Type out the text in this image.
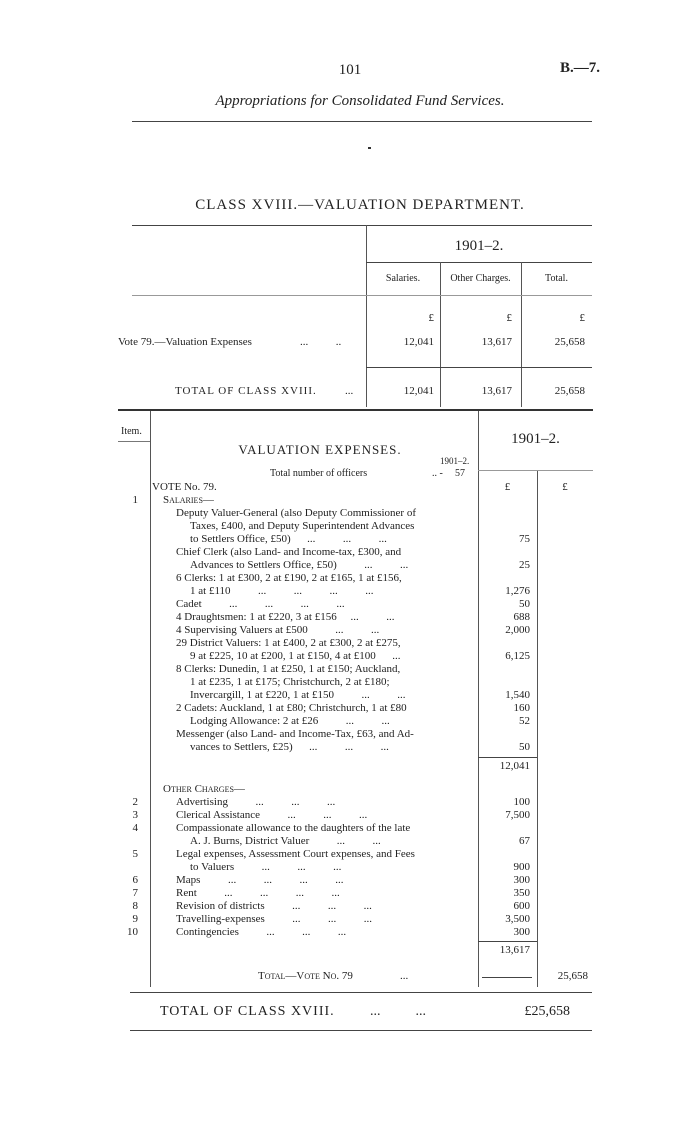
101	B.—7.
Appropriations for Consolidated Fund Services.
CLASS XVIII.—VALUATION DEPARTMENT.
1901–2.
Salaries.	Other Charges.	Total.
£	£	£
Vote 79.—Valuation Expenses	...          ..	12,041	13,617	25,658
TOTAL OF CLASS XVIII.	...	12,041	13,617	25,658
Item.
VALUATION EXPENSES.
1901–2.
1901–2.
Total number of officers	.. - 57
VOTE No. 79.	£	£
1 Salaries—
Deputy Valuer-General (also Deputy Commissioner of
Taxes, £400, and Deputy Superintendent Advances
to Settlers Office, £50)      ...          ...          ...	75
Chief Clerk (also Land- and Income-tax, £300, and
Advances to Settlers Office, £50)          ...          ...	25
6 Clerks: 1 at £300, 2 at £190, 2 at £165, 1 at £156,
1 at £110          ...          ...          ...          ...	1,276
Cadet          ...          ...          ...          ...	50
4 Draughtsmen: 1 at £220, 3 at £156     ...          ...	688
4 Supervising Valuers at £500          ...          ...	2,000
29 District Valuers: 1 at £400, 2 at £300, 2 at £275,
9 at £225, 10 at £200, 1 at £150, 4 at £100      ...	6,125
8 Clerks: Dunedin, 1 at £250, 1 at £150; Auckland,
1 at £235, 1 at £175; Christchurch, 2 at £180;
Invercargill, 1 at £220, 1 at £150          ...          ...	1,540
2 Cadets: Auckland, 1 at £80; Christchurch, 1 at £80	160
Lodging Allowance: 2 at £26          ...          ...	52
Messenger (also Land- and Income-Tax, £63, and Ad-
vances to Settlers, £25)      ...          ...          ...	50
12,041
Other Charges—
2	Advertising          ...          ...          ...	100
3	Clerical Assistance          ...          ...          ...	7,500
4	Compassionate allowance to the daughters of the late
A. J. Burns, District Valuer          ...          ...	67
5	Legal expenses, Assessment Court expenses, and Fees
to Valuers          ...          ...          ...	900
6	Maps          ...          ...          ...          ...	300
7	Rent          ...          ...          ...          ...	350
8	Revision of districts          ...          ...          ...	600
9	Travelling-expenses          ...          ...          ...	3,500
10	Contingencies          ...          ...          ...	300
13,617
Total—Vote No. 79	...	25,658
TOTAL OF CLASS XVIII.	...          ...	£25,658
